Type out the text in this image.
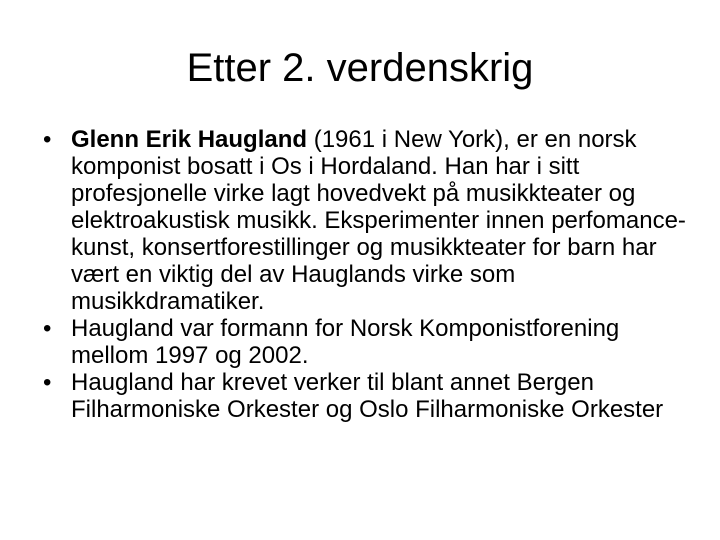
Etter 2. verdenskrig
• Glenn Erik Haugland (1961 i New York), er en norsk komponist bosatt i Os i Hordaland. Han har i sitt profesjonelle virke lagt hovedvekt på musikkteater og elektroakustisk musikk. Eksperimenter innen perfomance-kunst, konsertforestillinger og musikkteater for barn har vært en viktig del av Hauglands virke som musikkdramatiker.
• Haugland var formann for Norsk Komponistforening mellom 1997 og 2002.
• Haugland har krevet verker til blant annet Bergen Filharmoniske Orkester og Oslo Filharmoniske Orkester
